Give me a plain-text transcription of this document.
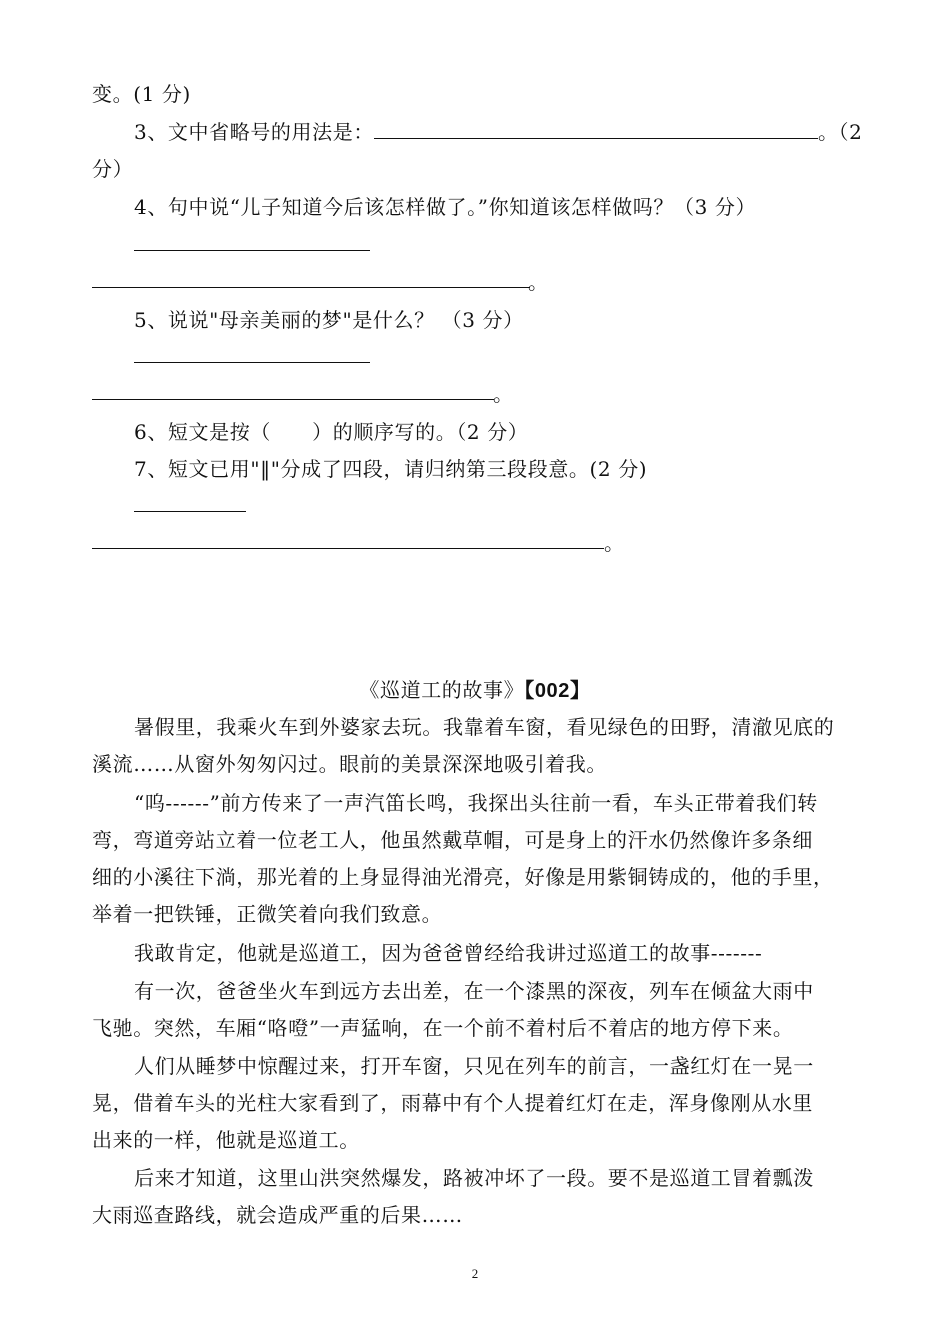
变。(1 分)
3、文中省略号的用法是：	。（2
分）
4、句中说“儿子知道今后该怎样做了。”你知道该怎样做吗？（3 分）
。
5、说说"母亲美丽的梦"是什么？ （3 分）
。
6、短文是按（　　）的顺序写的。（2 分）
7、短文已用"‖"分成了四段，请归纳第三段段意。(2 分)
。
《巡道工的故事》【002】
暑假里，我乘火车到外婆家去玩。我靠着车窗，看见绿色的田野，清澈见底的
溪流……从窗外匆匆闪过。眼前的美景深深地吸引着我。
“呜------”前方传来了一声汽笛长鸣，我探出头往前一看，车头正带着我们转
弯，弯道旁站立着一位老工人，他虽然戴草帽，可是身上的汗水仍然像许多条细
细的小溪往下淌，那光着的上身显得油光滑亮，好像是用紫铜铸成的，他的手里，
举着一把铁锤，正微笑着向我们致意。
我敢肯定，他就是巡道工，因为爸爸曾经给我讲过巡道工的故事-------
有一次，爸爸坐火车到远方去出差，在一个漆黑的深夜，列车在倾盆大雨中
飞驰。突然，车厢“咯噔”一声猛响，在一个前不着村后不着店的地方停下来。
人们从睡梦中惊醒过来，打开车窗，只见在列车的前言，一盏红灯在一晃一
晃，借着车头的光柱大家看到了，雨幕中有个人提着红灯在走，浑身像刚从水里
出来的一样，他就是巡道工。
后来才知道，这里山洪突然爆发，路被冲坏了一段。要不是巡道工冒着瓢泼
大雨巡查路线，就会造成严重的后果……
2
